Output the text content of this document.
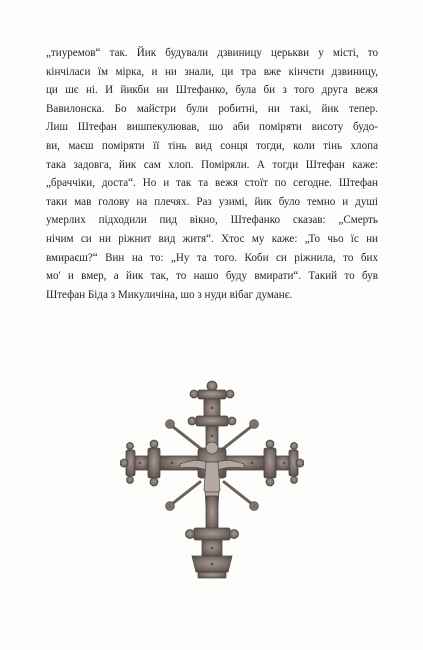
„тиуремов“ так. Йик будували дзвиницу церькви у місті, то
кінчіласи їм мірка, и ни знали, ци тра вже кінчєти дзвиницу,
ци шє ні. И йикби ни Штефанко, була би з того друга вежя
Вавилонска. Бо майстри були робитні, ни такі, йик тепер.
Лиш Штефан вишпекулював, шо аби поміряти висоту будо-
ви, маєш поміряти її тінь вид сонця тогди, коли тінь хлопа
така задовга, йик сам хлоп. Поміряли. А тогди Штефан каже:
„браччіки, доста“. Но и так та вежя стоїт по сегодне. Штефан
таки мав голову на плечях. Раз узимі, йик було темно и душі
умерлих підходили пид вікно, Штефанко сказав: „Смерть
нічим си ни ріжнит вид житя“. Хтос му каже: „То чьо їс ни
вмираєш?“ Вин на то: „Ну та того. Коби си ріжнила, то бих
мо' и вмер, а йик так, то нашо буду вмирати“. Такий то був
Штефан Біда з Микуличіна, шо з нуди вібаг думанє.
